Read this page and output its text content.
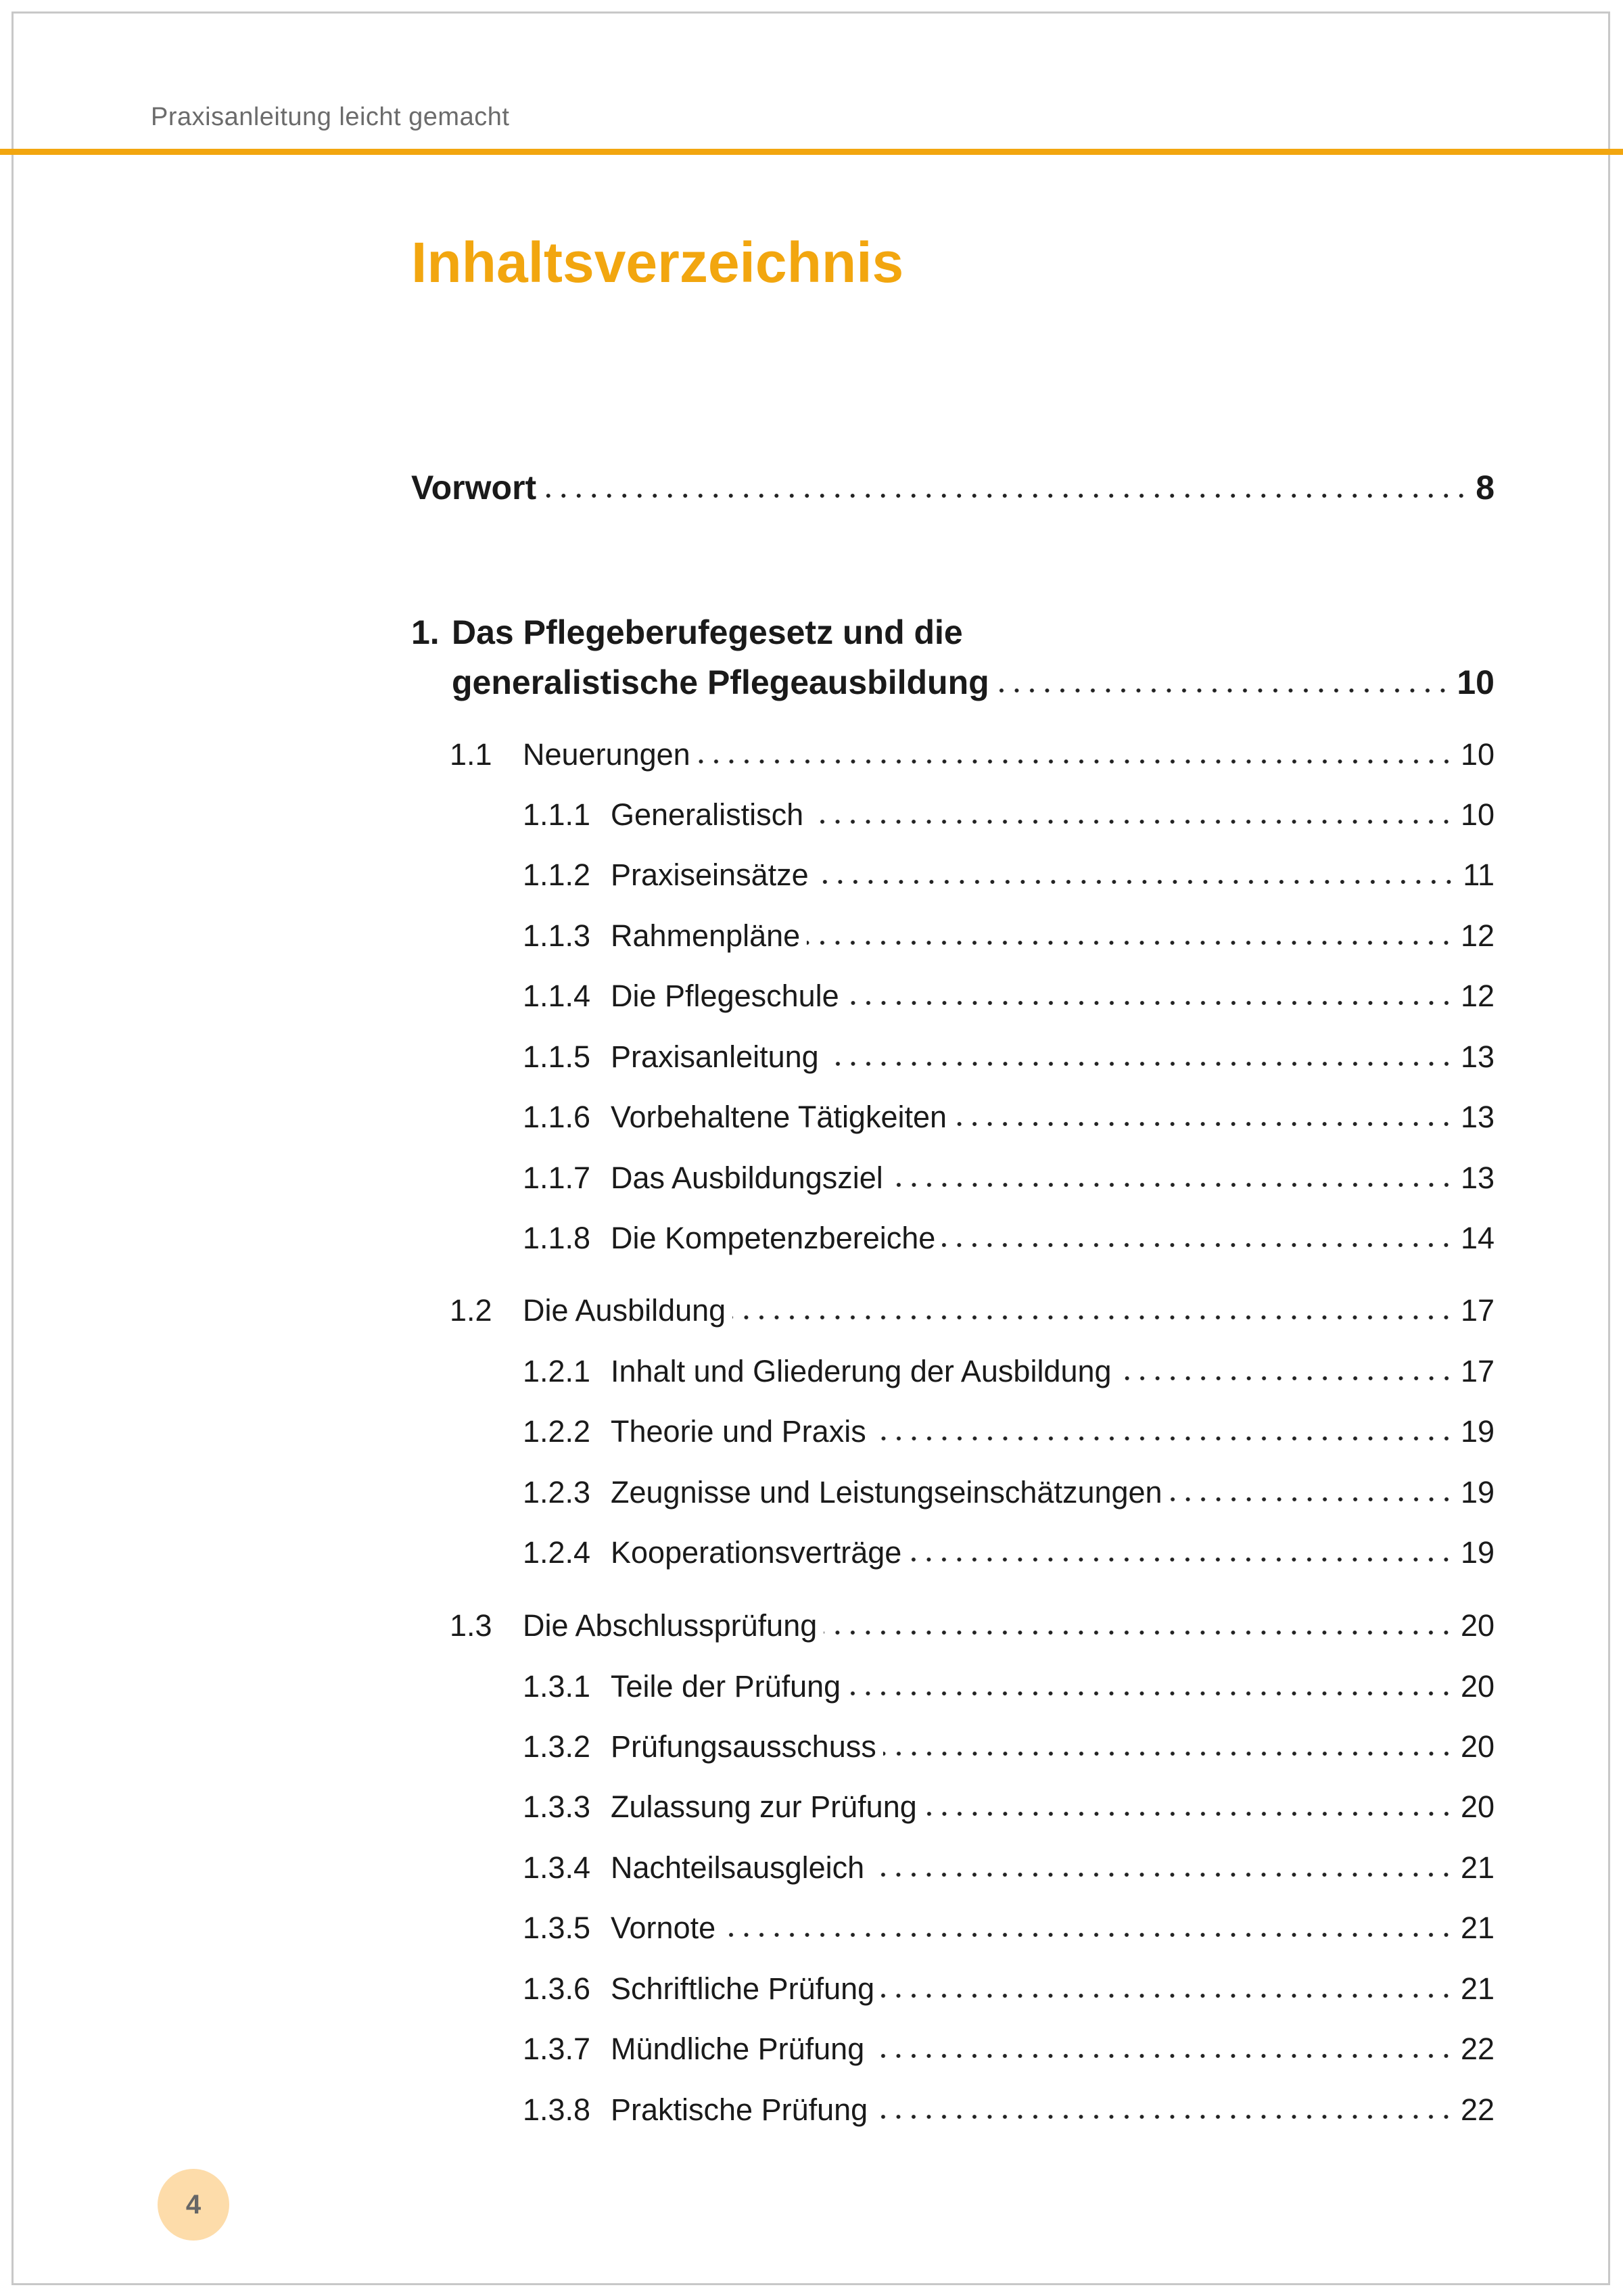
Praxisanleitung leicht gemacht
Inhaltsverzeichnis
Vorwort	8
1. Das Pflegeberufegesetz und die
generalistische Pflegeausbildung	10
1.1 Neuerungen	10
1.1.1 Generalistisch	10
1.1.2 Praxiseinsätze	11
1.1.3 Rahmenpläne	12
1.1.4 Die Pflegeschule	12
1.1.5 Praxisanleitung	13
1.1.6 Vorbehaltene Tätigkeiten	13
1.1.7 Das Ausbildungsziel	13
1.1.8 Die Kompetenzbereiche	14
1.2 Die Ausbildung	17
1.2.1 Inhalt und Gliederung der Ausbildung	17
1.2.2 Theorie und Praxis	19
1.2.3 Zeugnisse und Leistungseinschätzungen	19
1.2.4 Kooperationsverträge	19
1.3 Die Abschlussprüfung	20
1.3.1 Teile der Prüfung	20
1.3.2 Prüfungsausschuss	20
1.3.3 Zulassung zur Prüfung	20
1.3.4 Nachteilsausgleich	21
1.3.5 Vornote	21
1.3.6 Schriftliche Prüfung	21
1.3.7 Mündliche Prüfung	22
1.3.8 Praktische Prüfung	22
4
